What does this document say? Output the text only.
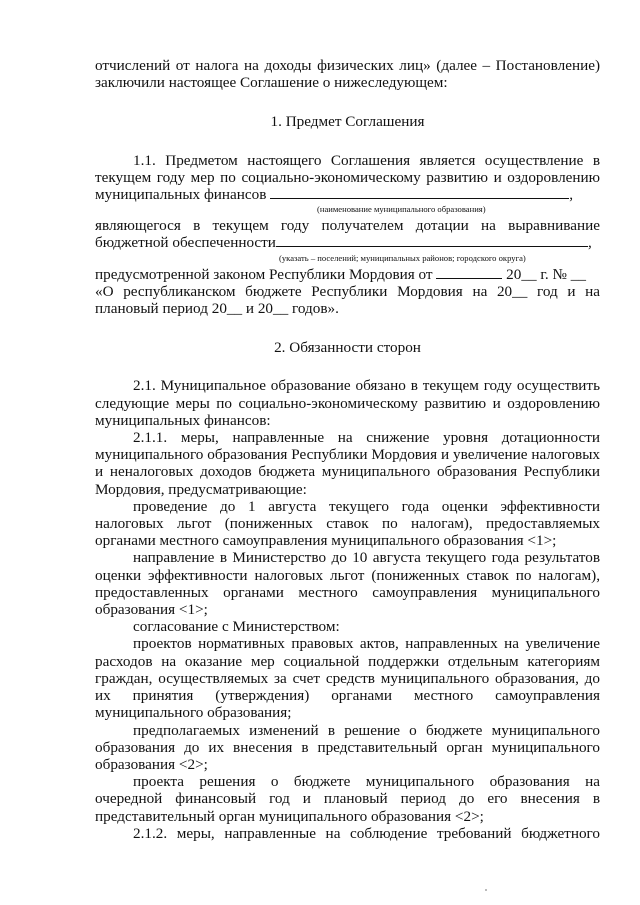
отчислений от налога на доходы физических лиц» (далее – Постановление)

заключили настоящее Соглашение о нижеследующем:

1. Предмет Соглашения

1.1. Предметом настоящего Соглашения является осуществление в текущем году мер по социально-экономическому развитию и оздоровлению

муниципальных финансов	,

(наименование муниципального образования)

являющегося в текущем году получателем дотации на выравнивание

бюджетной обеспеченности	,

(указать – поселений; муниципальных районов; городского округа)

предусмотренной законом Республики Мордовия от	20__ г. № __

«О республиканском бюджете Республики Мордовия на 20__ год и на плановый период 20__ и 20__ годов».

2. Обязанности сторон

2.1. Муниципальное образование обязано в текущем году осуществить следующие меры по социально-экономическому развитию и оздоровлению муниципальных финансов:

2.1.1. меры, направленные на снижение уровня дотационности муниципального образования Республики Мордовия и увеличение налоговых и неналоговых доходов бюджета муниципального образования Республики Мордовия, предусматривающие:

проведение до 1 августа текущего года оценки эффективности налоговых льгот (пониженных ставок по налогам), предоставляемых органами местного самоуправления муниципального образования <1>;

направление в Министерство до 10 августа текущего года результатов оценки эффективности налоговых льгот (пониженных ставок по налогам), предоставленных органами местного самоуправления муниципального образования <1>;

согласование с Министерством:

проектов нормативных правовых актов, направленных на увеличение расходов на оказание мер социальной поддержки отдельным категориям граждан, осуществляемых за счет средств муниципального образования, до их принятия (утверждения) органами местного самоуправления муниципального образования;

предполагаемых изменений в решение о бюджете муниципального образования до их внесения в представительный орган муниципального образования <2>;

проекта решения о бюджете муниципального образования на очередной финансовый год и плановый период до его внесения в представительный орган муниципального образования <2>;

2.1.2. меры, направленные на соблюдение требований бюджетного
